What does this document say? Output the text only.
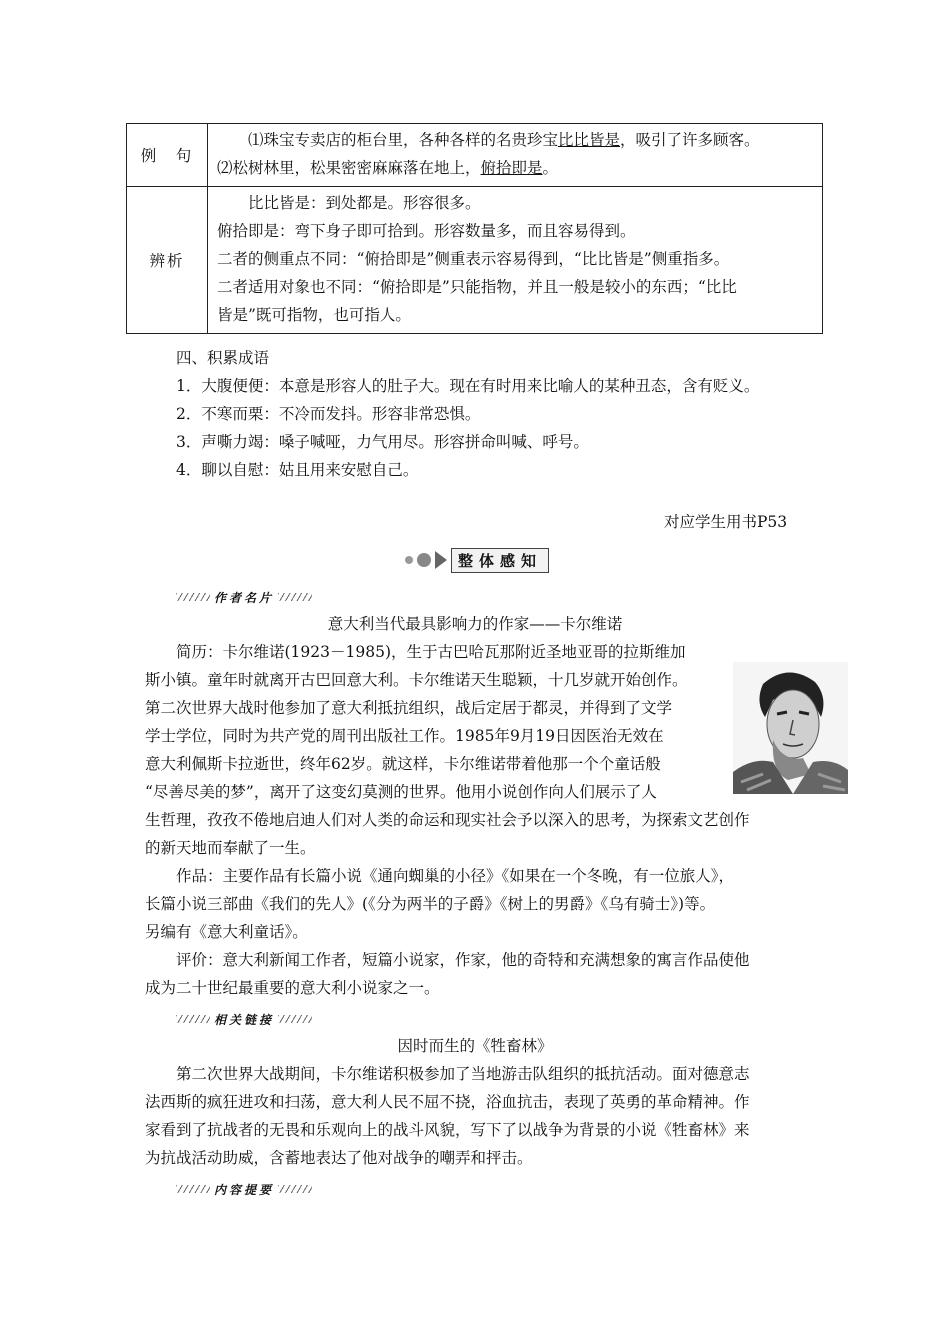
例　句	⑴珠宝专卖店的柜台里，各种各样的名贵珍宝比比皆是，吸引了许多顾客。
⑵松树林里，松果密密麻麻落在地上，俯拾即是。

辨析	比比皆是：到处都是。形容很多。
俯拾即是：弯下身子即可拾到。形容数量多，而且容易得到。
二者的侧重点不同：“俯拾即是”侧重表示容易得到，“比比皆是”侧重指多。
二者适用对象也不同：“俯拾即是”只能指物，并且一般是较小的东西；“比比
皆是”既可指物，也可指人。
四、积累成语
1．大腹便便：本意是形容人的肚子大。现在有时用来比喻人的某种丑态，含有贬义。
2．不寒而栗：不冷而发抖。形容非常恐惧。
3．声嘶力竭：嗓子喊哑，力气用尽。形容拼命叫喊、呼号。
4．聊以自慰：姑且用来安慰自己。
对应学生用书P53
整体感知
作者名片
意大利当代最具影响力的作家——卡尔维诺
简历：卡尔维诺(1923－1985)，生于古巴哈瓦那附近圣地亚哥的拉斯维加
斯小镇。童年时就离开古巴回意大利。卡尔维诺天生聪颖，十几岁就开始创作。
第二次世界大战时他参加了意大利抵抗组织，战后定居于都灵，并得到了文学
学士学位，同时为共产党的周刊出版社工作。1985年9月19日因医治无效在
意大利佩斯卡拉逝世，终年62岁。就这样，卡尔维诺带着他那一个个童话般
“尽善尽美的梦”，离开了这变幻莫测的世界。他用小说创作向人们展示了人
生哲理，孜孜不倦地启迪人们对人类的命运和现实社会予以深入的思考，为探索文艺创作
的新天地而奉献了一生。
作品：主要作品有长篇小说《通向蜘巢的小径》《如果在一个冬晚，有一位旅人》，
长篇小说三部曲《我们的先人》(《分为两半的子爵》《树上的男爵》《乌有骑士》)等。
另编有《意大利童话》。
评价：意大利新闻工作者，短篇小说家，作家，他的奇特和充满想象的寓言作品使他
成为二十世纪最重要的意大利小说家之一。
相关链接
因时而生的《牲畜林》
第二次世界大战期间，卡尔维诺积极参加了当地游击队组织的抵抗活动。面对德意志
法西斯的疯狂进攻和扫荡，意大利人民不屈不挠，浴血抗击，表现了英勇的革命精神。作
家看到了抗战者的无畏和乐观向上的战斗风貌，写下了以战争为背景的小说《牲畜林》来
为抗战活动助威，含蓄地表达了他对战争的嘲弄和抨击。
内容提要
